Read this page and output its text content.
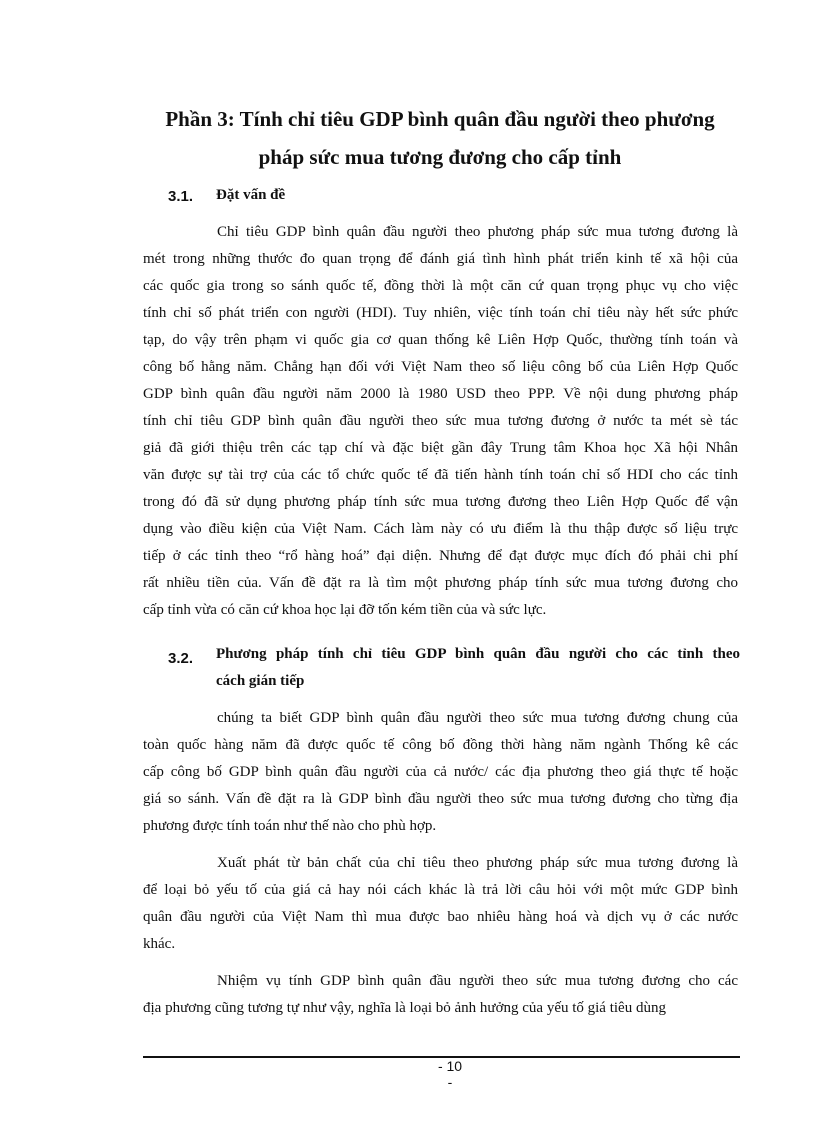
Phần 3: Tính chỉ tiêu GDP bình quân đầu người theo phương
pháp sức mua tương đương cho cấp tỉnh
3.1. Đặt vấn đề
Chỉ tiêu GDP bình quân đầu người theo phương pháp sức mua tương đương là
mét trong những thước đo quan trọng để đánh giá tình hình phát triển kinh tế xã hội của
các quốc gia trong so sánh quốc tế, đồng thời là một căn cứ quan trọng phục vụ cho việc
tính chỉ số phát triển con người (HDI). Tuy nhiên, việc tính toán chỉ tiêu này hết sức phức
tạp, do vậy trên phạm vi quốc gia cơ quan thống kê Liên Hợp Quốc, thường tính toán và
công bố hằng năm. Chẳng hạn đối với Việt Nam theo số liệu công bố của Liên Hợp Quốc
GDP bình quân đầu người năm 2000 là 1980 USD theo PPP. Về nội dung phương pháp
tính chỉ tiêu GDP bình quân đầu người theo sức mua tương đương ở nước ta mét sè tác
giả đã giới thiệu trên các tạp chí và đặc biệt gần đây Trung tâm Khoa học Xã hội Nhân
văn được sự tài trợ của các tổ chức quốc tế đã tiến hành tính toán chỉ số HDI cho các tỉnh
trong đó đã sử dụng phương pháp tính sức mua tương đương theo Liên Hợp Quốc để vận
dụng vào điều kiện của Việt Nam. Cách làm này có ưu điểm là thu thập được số liệu trực
tiếp ở các tỉnh theo “rổ hàng hoá” đại diện. Nhưng để đạt được mục đích đó phải chi phí
rất nhiều tiền của. Vấn đề đặt ra là tìm một phương pháp tính sức mua tương đương cho
cấp tỉnh vừa có căn cứ khoa học lại đỡ tốn kém tiền của và sức lực.
3.2. Phương pháp tính chỉ tiêu GDP bình quân đầu người cho các tỉnh theo
cách gián tiếp
chúng ta biết GDP bình quân đầu người theo sức mua tương đương chung của
toàn quốc hàng năm đã được quốc tế công bố đồng thời hàng năm ngành Thống kê các
cấp công bố GDP bình quân đầu người của cả nước/ các địa phương theo giá thực tế hoặc
giá so sánh. Vấn đề đặt ra là GDP bình đầu người theo sức mua tương đương cho từng địa
phương được tính toán như thế nào cho phù hợp.
Xuất phát từ bản chất của chỉ tiêu theo phương pháp sức mua tương đương là
để loại bỏ yếu tố của giá cả hay nói cách khác là trả lời câu hỏi với một mức GDP bình
quân đầu người của Việt Nam thì mua được bao nhiêu hàng hoá và dịch vụ ở các nước
khác.
Nhiệm vụ tính GDP bình quân đầu người theo sức mua tương đương cho các
địa phương cũng tương tự như vậy, nghĩa là loại bỏ ảnh hưởng của yếu tố giá tiêu dùng
- 10
-
